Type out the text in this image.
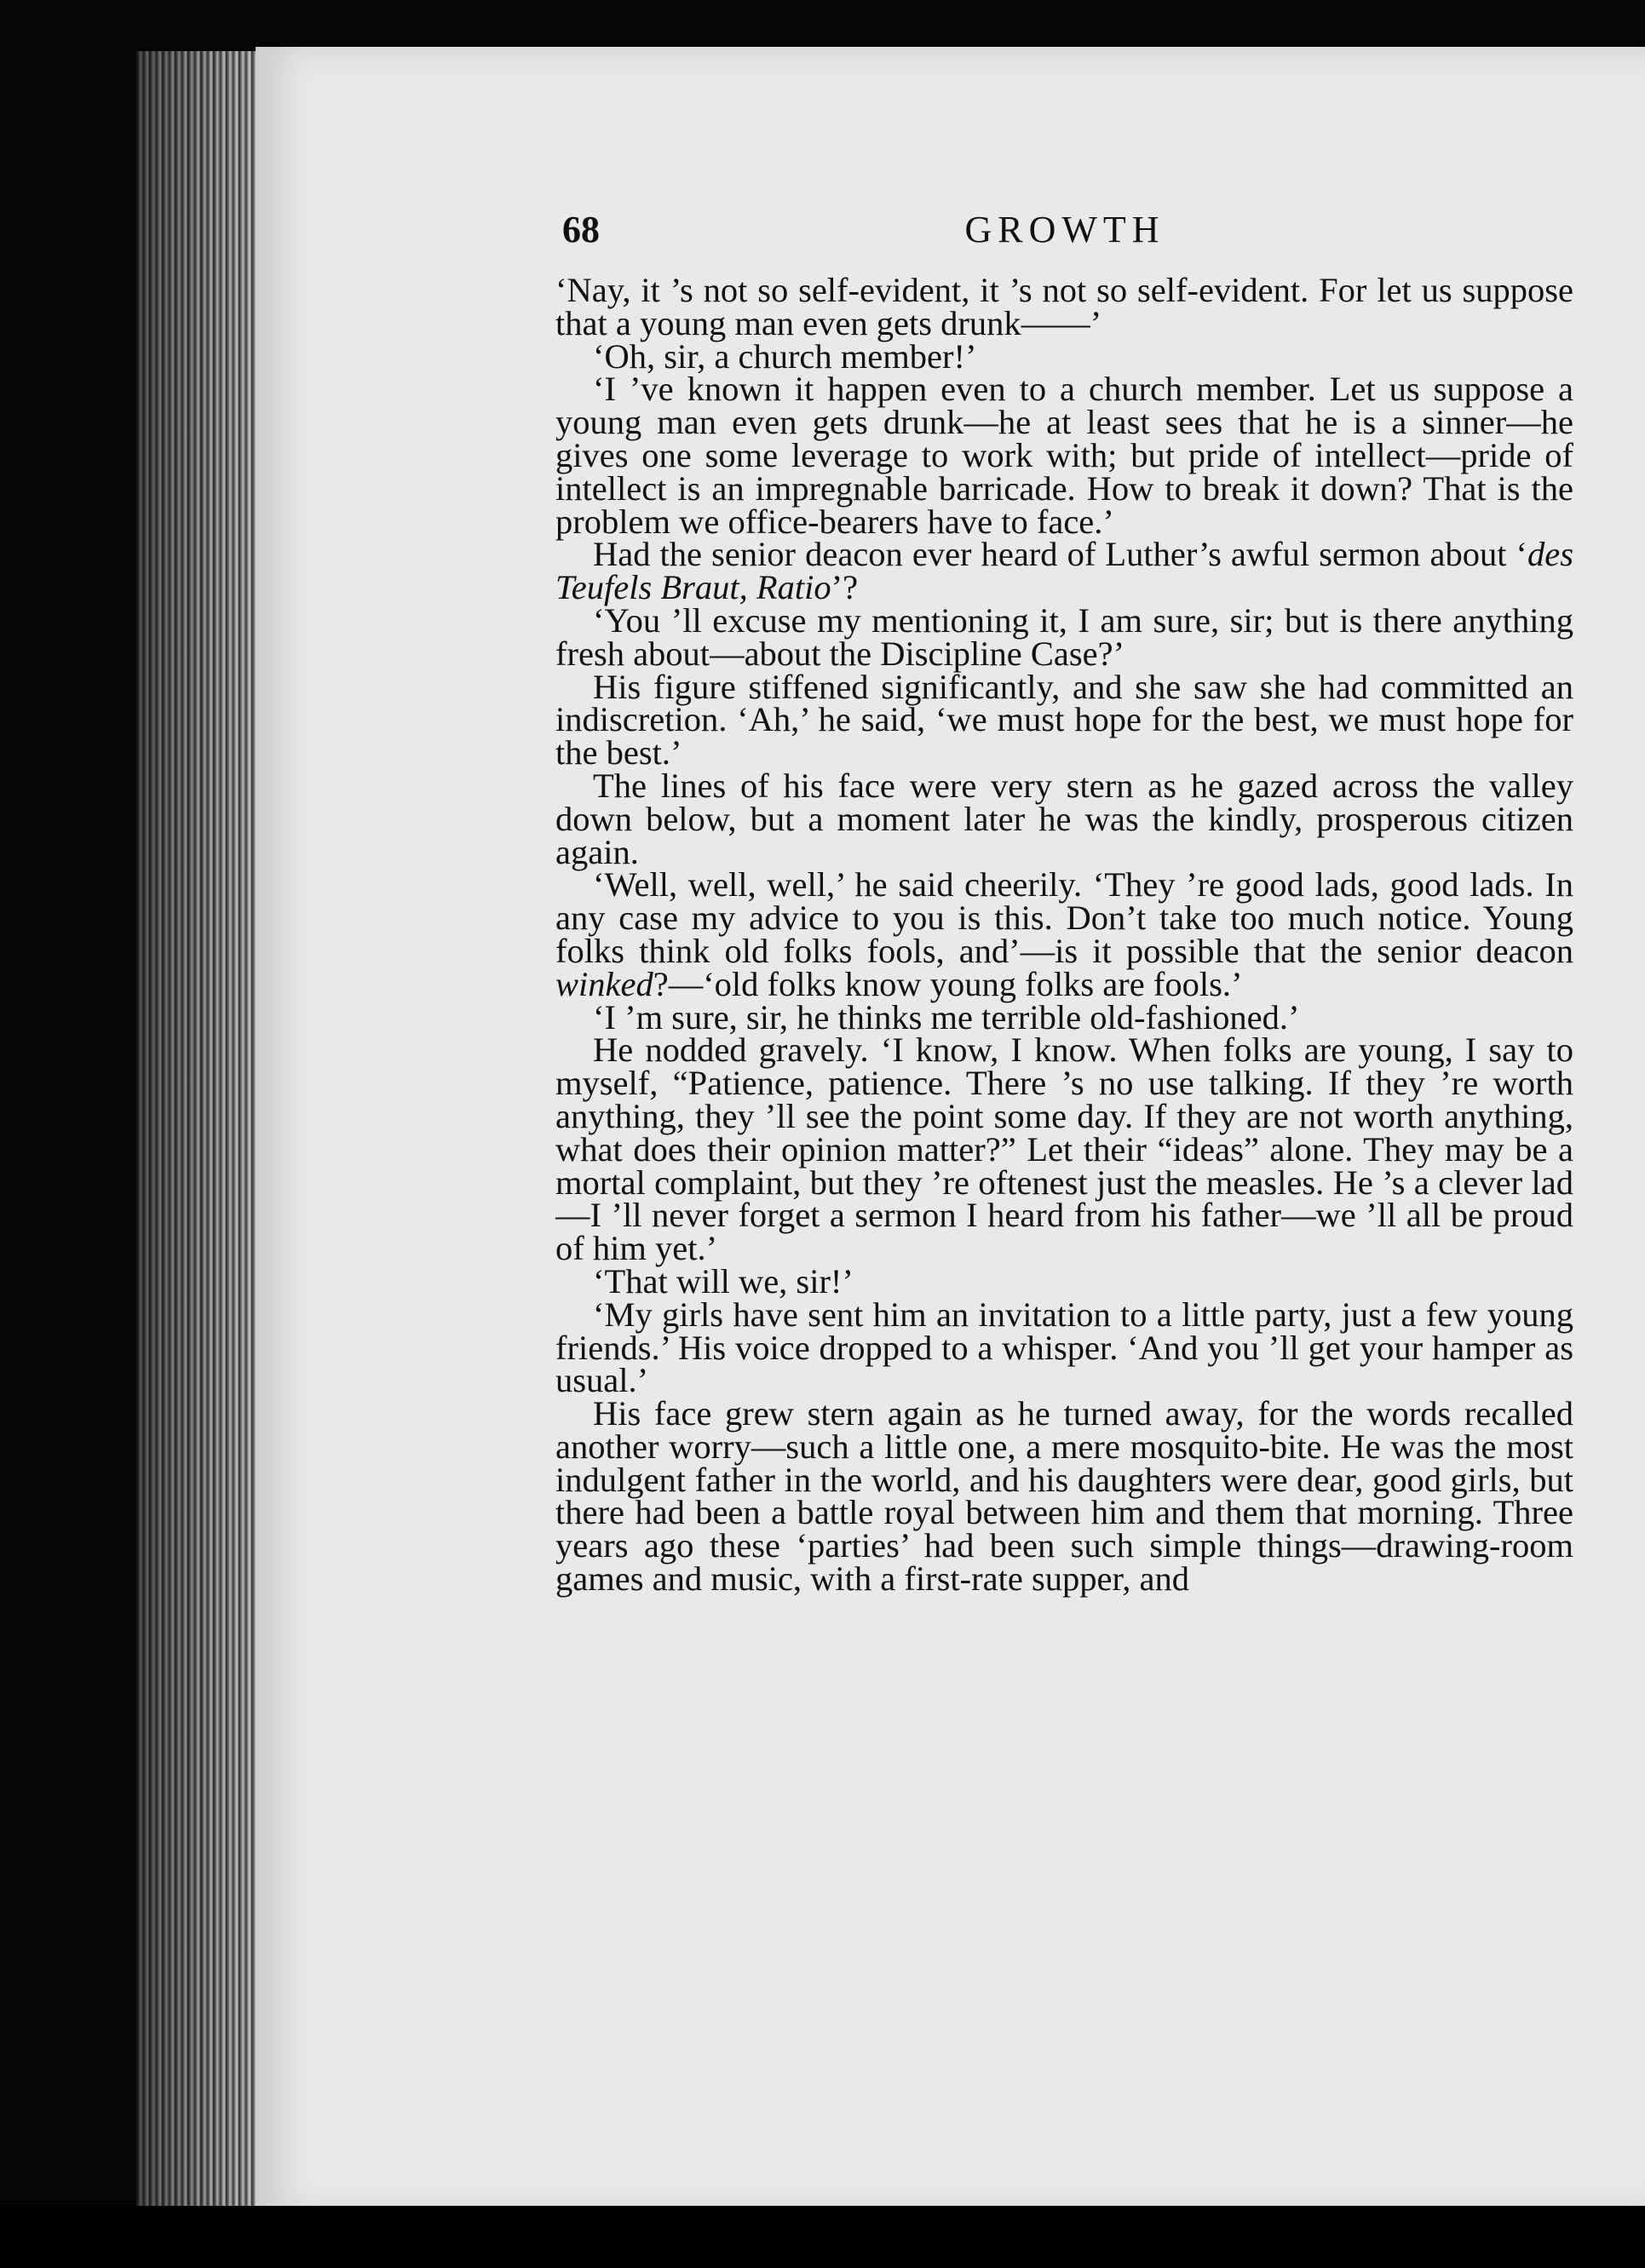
68	GROWTH

‘Nay, it ’s not so self-evident, it ’s not so self-evident. For let us suppose that a young man even gets drunk——’

‘Oh, sir, a church member!’

‘I ’ve known it happen even to a church member. Let us suppose a young man even gets drunk—he at least sees that he is a sinner—he gives one some leverage to work with; but pride of intellect—pride of intellect is an impregnable barricade. How to break it down? That is the problem we office-bearers have to face.’

Had the senior deacon ever heard of Luther’s awful sermon about ‘des Teufels Braut, Ratio’?

‘You ’ll excuse my mentioning it, I am sure, sir; but is there anything fresh about—about the Discipline Case?’

His figure stiffened significantly, and she saw she had committed an indiscretion. ‘Ah,’ he said, ‘we must hope for the best, we must hope for the best.’

The lines of his face were very stern as he gazed across the valley down below, but a moment later he was the kindly, prosperous citizen again.

‘Well, well, well,’ he said cheerily. ‘They ’re good lads, good lads. In any case my advice to you is this. Don’t take too much notice. Young folks think old folks fools, and’—is it possible that the senior deacon winked?—‘old folks know young folks are fools.’

‘I ’m sure, sir, he thinks me terrible old-fashioned.’

He nodded gravely. ‘I know, I know. When folks are young, I say to myself, “Patience, patience. There ’s no use talking. If they ’re worth anything, they ’ll see the point some day. If they are not worth anything, what does their opinion matter?” Let their “ideas” alone. They may be a mortal complaint, but they ’re oftenest just the measles. He ’s a clever lad—I ’ll never forget a sermon I heard from his father—we ’ll all be proud of him yet.’

‘That will we, sir!’

‘My girls have sent him an invitation to a little party, just a few young friends.’ His voice dropped to a whisper. ‘And you ’ll get your hamper as usual.’

His face grew stern again as he turned away, for the words recalled another worry—such a little one, a mere mosquito-bite. He was the most indulgent father in the world, and his daughters were dear, good girls, but there had been a battle royal between him and them that morning. Three years ago these ‘parties’ had been such simple things—drawing-room games and music, with a first-rate supper, and
